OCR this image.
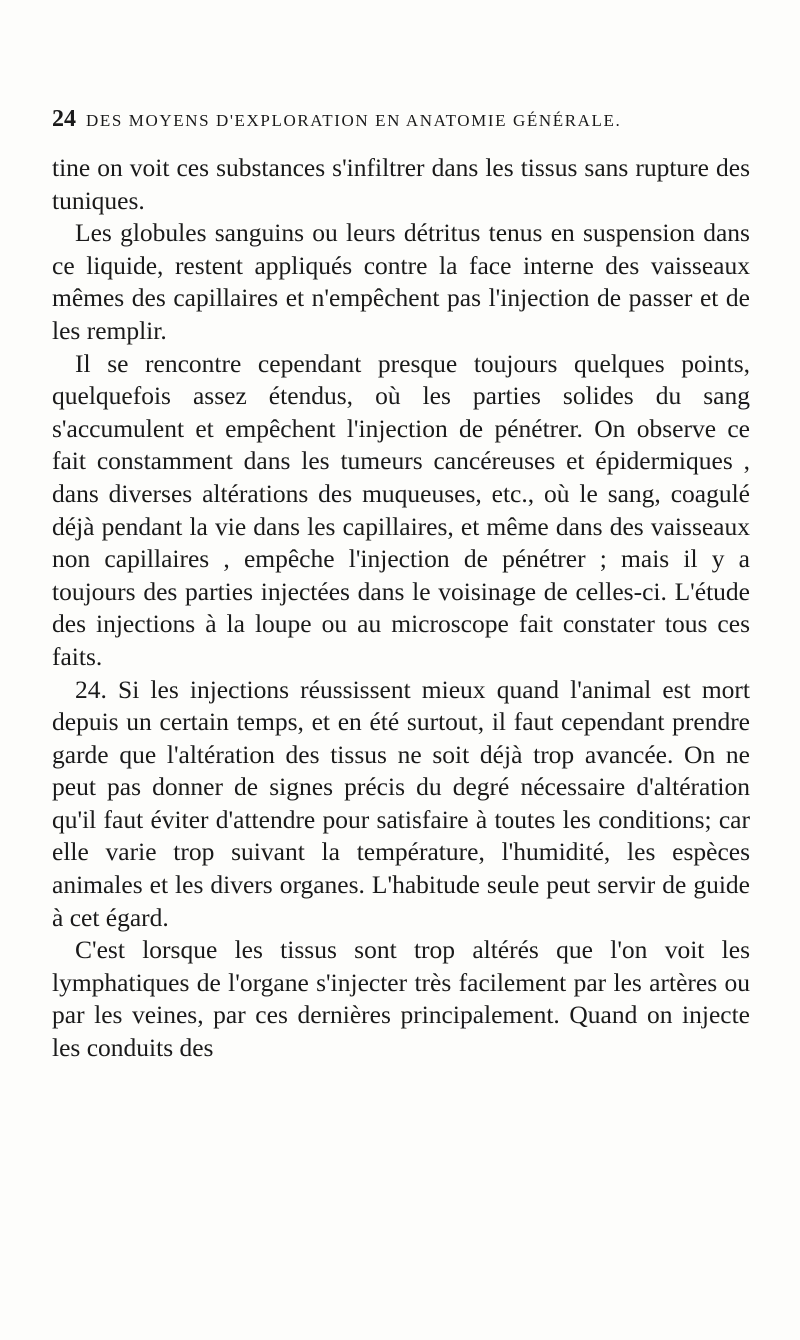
24 DES MOYENS D'EXPLORATION EN ANATOMIE GÉNÉRALE.

tine on voit ces substances s'infiltrer dans les tissus sans rupture des tuniques.

Les globules sanguins ou leurs détritus tenus en suspension dans ce liquide, restent appliqués contre la face interne des vaisseaux mêmes des capillaires et n'empêchent pas l'injection de passer et de les remplir.

Il se rencontre cependant presque toujours quelques points, quelquefois assez étendus, où les parties solides du sang s'accumulent et empêchent l'injection de pénétrer. On observe ce fait constamment dans les tumeurs cancéreuses et épidermiques , dans diverses altérations des muqueuses, etc., où le sang, coagulé déjà pendant la vie dans les capillaires, et même dans des vaisseaux non capillaires , empêche l'injection de pénétrer ; mais il y a toujours des parties injectées dans le voisinage de celles-ci. L'étude des injections à la loupe ou au microscope fait constater tous ces faits.

24. Si les injections réussissent mieux quand l'animal est mort depuis un certain temps, et en été surtout, il faut cependant prendre garde que l'altération des tissus ne soit déjà trop avancée. On ne peut pas donner de signes précis du degré nécessaire d'altération qu'il faut éviter d'attendre pour satisfaire à toutes les conditions; car elle varie trop suivant la température, l'humidité, les espèces animales et les divers organes. L'habitude seule peut servir de guide à cet égard.

C'est lorsque les tissus sont trop altérés que l'on voit les lymphatiques de l'organe s'injecter très facilement par les artères ou par les veines, par ces dernières principalement. Quand on injecte les conduits des
